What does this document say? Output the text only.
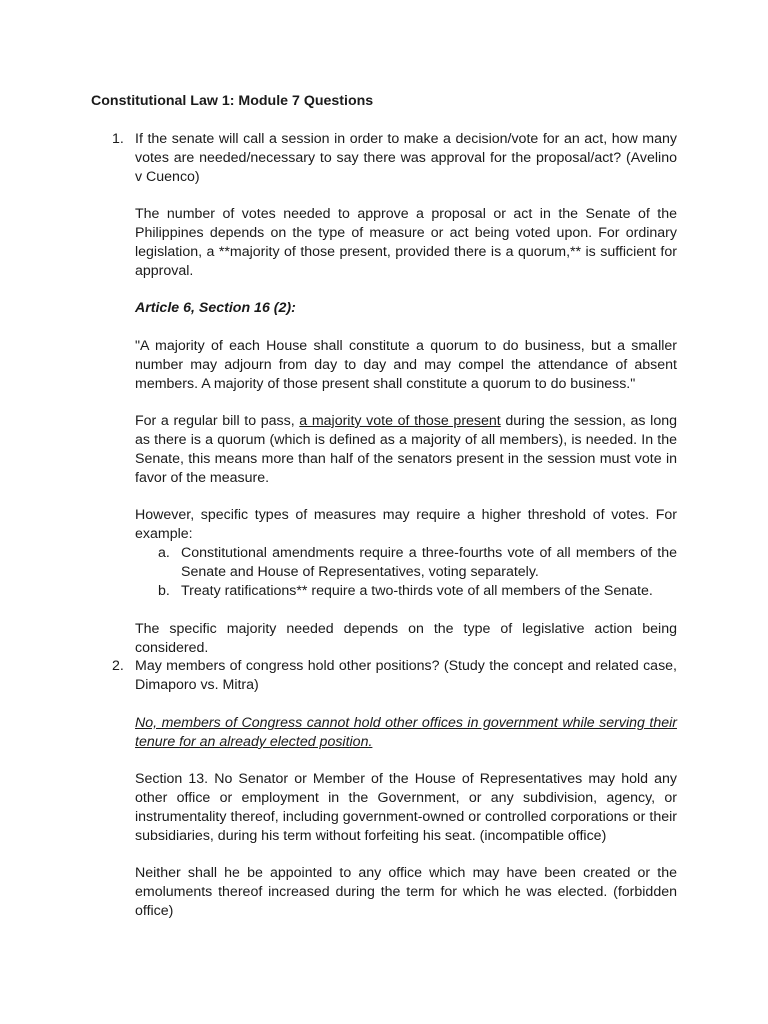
Constitutional Law 1: Module 7 Questions
1. If the senate will call a session in order to make a decision/vote for an act, how many votes are needed/necessary to say there was approval for the proposal/act? (Avelino v Cuenco)
The number of votes needed to approve a proposal or act in the Senate of the Philippines depends on the type of measure or act being voted upon. For ordinary legislation, a **majority of those present, provided there is a quorum,** is sufficient for approval.
Article 6, Section 16 (2):
"A majority of each House shall constitute a quorum to do business, but a smaller number may adjourn from day to day and may compel the attendance of absent members. A majority of those present shall constitute a quorum to do business."
For a regular bill to pass, a majority vote of those present during the session, as long as there is a quorum (which is defined as a majority of all members), is needed. In the Senate, this means more than half of the senators present in the session must vote in favor of the measure.
However, specific types of measures may require a higher threshold of votes. For example:
a. Constitutional amendments require a three-fourths vote of all members of the Senate and House of Representatives, voting separately.
b. Treaty ratifications** require a two-thirds vote of all members of the Senate.
The specific majority needed depends on the type of legislative action being considered.
2. May members of congress hold other positions? (Study the concept and related case, Dimaporo vs. Mitra)
No, members of Congress cannot hold other offices in government while serving their tenure for an already elected position.
Section 13. No Senator or Member of the House of Representatives may hold any other office or employment in the Government, or any subdivision, agency, or instrumentality thereof, including government-owned or controlled corporations or their subsidiaries, during his term without forfeiting his seat. (incompatible office)
Neither shall he be appointed to any office which may have been created or the emoluments thereof increased during the term for which he was elected. (forbidden office)
